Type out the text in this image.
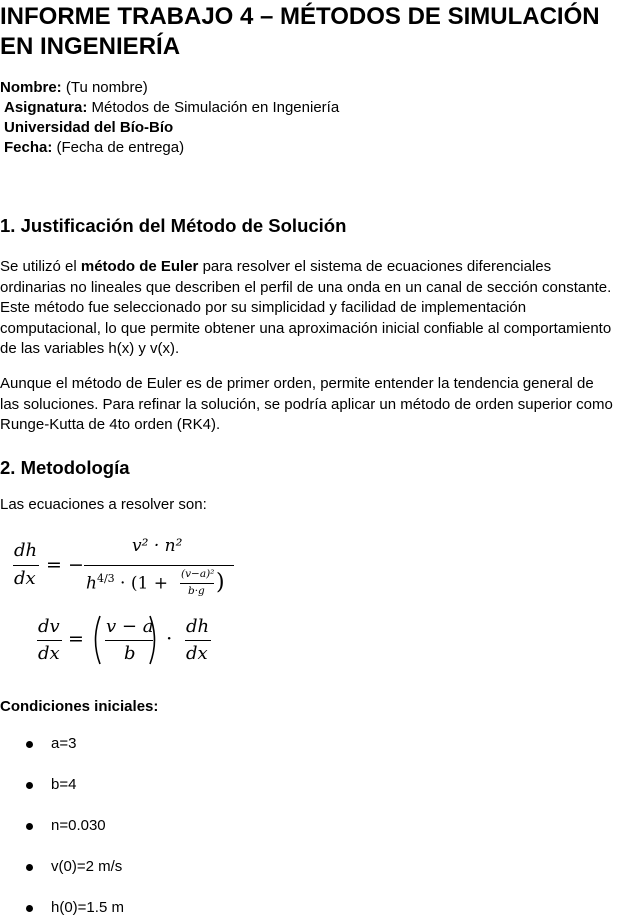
INFORME TRABAJO 4 – MÉTODOS DE SIMULACIÓN
EN INGENIERÍA
Nombre: (Tu nombre)
Asignatura: Métodos de Simulación en Ingeniería
Universidad del Bío-Bío
Fecha: (Fecha de entrega)
1. Justificación del Método de Solución
Se utilizó el método de Euler para resolver el sistema de ecuaciones diferenciales
ordinarias no lineales que describen el perfil de una onda en un canal de sección constante.
Este método fue seleccionado por su simplicidad y facilidad de implementación
computacional, lo que permite obtener una aproximación inicial confiable al comportamiento
de las variables h(x) y v(x).
Aunque el método de Euler es de primer orden, permite entender la tendencia general de
las soluciones. Para refinar la solución, se podría aplicar un método de orden superior como
Runge-Kutta de 4to orden (RK4).
2. Metodología
Las ecuaciones a resolver son:
dh
dx
= −
v² · n²
$h^{4/3} \cdot (1 + (v-a)^2$
b·g )
dv
dx
=
v − a
b
· dh
dx
Condiciones iniciales:
a=3
b=4
n=0.030
v(0)=2 m/s
h(0)=1.5 m
